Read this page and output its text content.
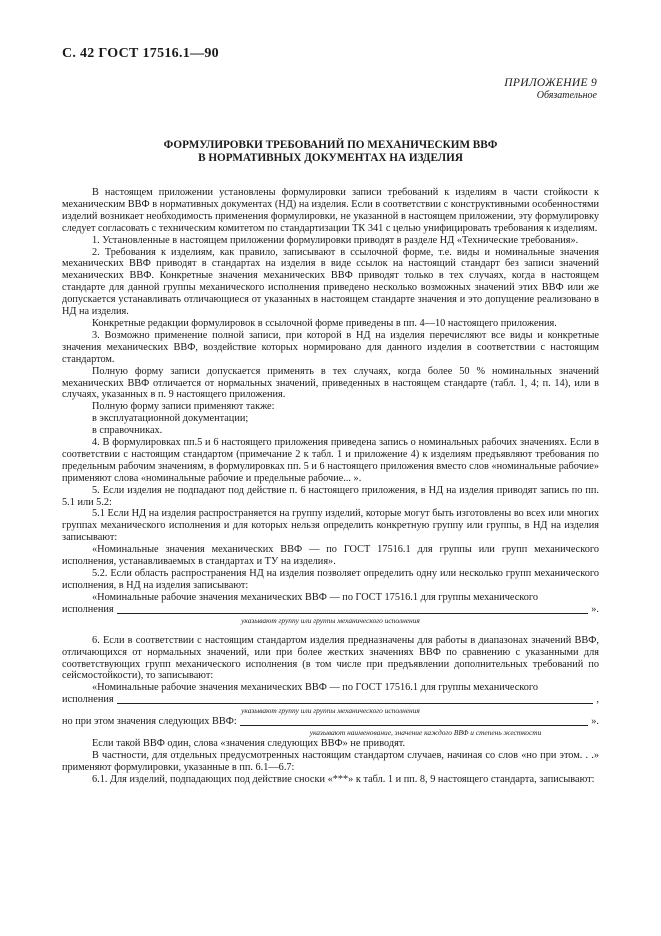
С. 42 ГОСТ 17516.1—90
ПРИЛОЖЕНИЕ 9
Обязательное
ФОРМУЛИРОВКИ ТРЕБОВАНИЙ ПО МЕХАНИЧЕСКИМ ВВФ
В НОРМАТИВНЫХ ДОКУМЕНТАХ НА ИЗДЕЛИЯ

В настоящем приложении установлены формулировки записи требований к изделиям в части стойкости к механическим ВВФ в нормативных документах (НД) на изделия. Если в соответствии с конструктивными особенностями изделий возникает необходимость применения формулировки, не указанной в настоящем приложении, эту формулировку следует согласовать с техническим комитетом по стандартизации ТК 341 с целью унифицировать требования к изделиям.

1. Установленные в настоящем приложении формулировки приводят в разделе НД «Технические требования».

2. Требования к изделиям, как правило, записывают в ссылочной форме, т.е. виды и номинальные значения механических ВВФ приводят в стандартах на изделия в виде ссылок на настоящий стандарт без записи значений механических ВВФ. Конкретные значения механических ВВФ приводят только в тех случаях, когда в настоящем стандарте для данной группы механического исполнения приведено несколько возможных значений этих ВВФ или же допускается устанавливать отличающиеся от указанных в настоящем стандарте значения и это допущение реализовано в НД на изделия.

Конкретные редакции формулировок в ссылочной форме приведены в пп. 4—10 настоящего приложения.

3. Возможно применение полной записи, при которой в НД на изделия перечисляют все виды и конкретные значения механических ВВФ, воздействие которых нормировано для данного изделия в соответствии с настоящим стандартом.

Полную форму записи допускается применять в тех случаях, когда более 50 % номинальных значений механических ВВФ отличается от нормальных значений, приведенных в настоящем стандарте (табл. 1, 4; п. 14), или в случаях, указанных в п. 9 настоящего приложения.

Полную форму записи применяют также:

в эксплуатационной документации;

в справочниках.

4. В формулировках пп.5 и 6 настоящего приложения приведена запись о номинальных рабочих значениях. Если в соответствии с настоящим стандартом (примечание 2 к табл. 1 и приложение 4) к изделиям предъявляют требования по предельным рабочим значениям, в формулировках пп. 5 и 6 настоящего приложения вместо слов «номинальные рабочие» применяют слова «номинальные рабочие и предельные рабочие... ».

5. Если изделия не подпадают под действие п. 6 настоящего приложения, в НД на изделия приводят запись по пп. 5.1 или 5.2:

5.1 Если НД на изделия распространяется на группу изделий, которые могут быть изготовлены во всех или многих группах механического исполнения и для которых нельзя определить конкретную группу или группы, в НД на изделия записывают:

«Номинальные значения механических ВВФ — по ГОСТ 17516.1 для группы или групп механического исполнения, устанавливаемых в стандартах и ТУ на изделия».

5.2. Если область распространения НД на изделия позволяет определить одну или несколько групп механического исполнения, в НД на изделия записывают:

«Номинальные рабочие значения механических ВВФ — по ГОСТ 17516.1 для группы механического

исполнения	».
указывают группу или группы механического исполнения

6. Если в соответствии с настоящим стандартом изделия предназначены для работы в диапазонах значений ВВФ, отличающихся от нормальных значений, или при более жестких значениях ВВФ по сравнению с указанными для соответствующих групп механического исполнения (в том числе при предъявлении дополнительных требований по сейсмостойкости), то записывают:

«Номинальные рабочие значения механических ВВФ — по ГОСТ 17516.1 для группы механического

исполнения	,
указывают группу или группы механического исполнения
но при этом значения следующих ВВФ:	».
указывают наименование, значение каждого ВВФ и степень жесткости

Если такой ВВФ один, слова «значения следующих ВВФ» не приводят.

В частности, для отдельных предусмотренных настоящим стандартом случаев, начиная со слов «но при этом. . .» применяют формулировки, указанные в пп. 6.1—6.7:

6.1. Для изделий, подпадающих под действие сноски «***» к табл. 1 и пп. 8, 9 настоящего стандарта, записывают:
